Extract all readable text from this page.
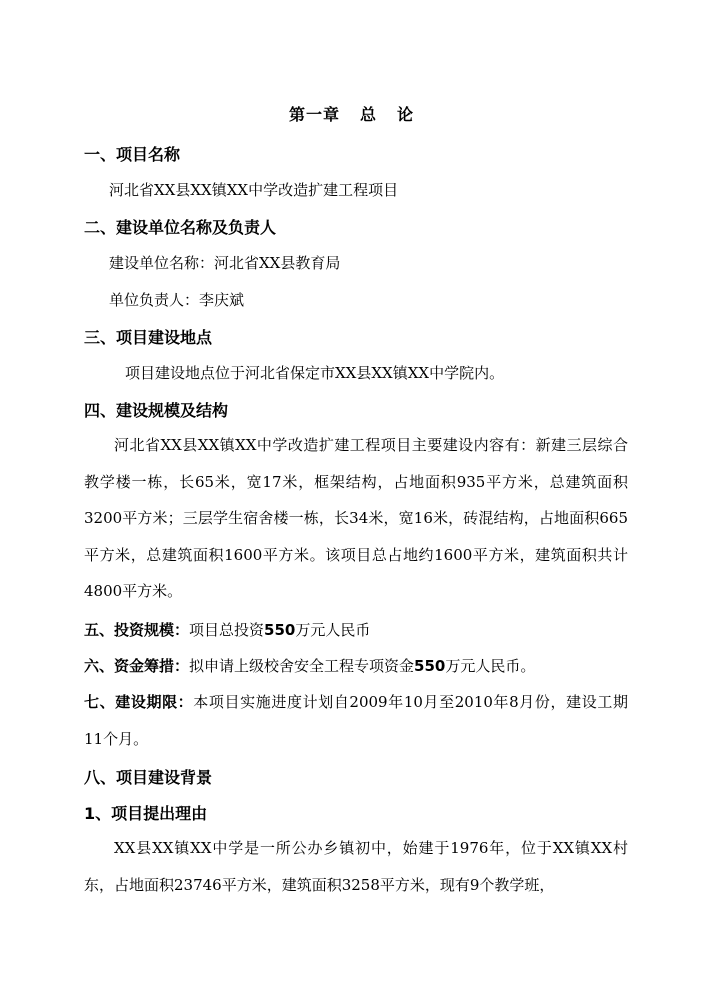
第一章 总 论
一、项目名称
河北省XX县XX镇XX中学改造扩建工程项目
二、建设单位名称及负责人
建设单位名称：河北省XX县教育局
单位负责人：李庆斌
三、项目建设地点
项目建设地点位于河北省保定市XX县XX镇XX中学院内。
四、建设规模及结构
河北省XX县XX镇XX中学改造扩建工程项目主要建设内容有：新建三层综合教学楼一栋，长65米，宽17米，框架结构，占地面积935平方米，总建筑面积3200平方米；三层学生宿舍楼一栋，长34米，宽16米，砖混结构，占地面积665平方米，总建筑面积1600平方米。该项目总占地约1600平方米，建筑面积共计4800平方米。
五、投资规模：项目总投资550万元人民币
六、资金筹措：拟申请上级校舍安全工程专项资金550万元人民币。
七、建设期限：本项目实施进度计划自2009年10月至2010年8月份，建设工期11个月。
八、项目建设背景
1、项目提出理由
XX县XX镇XX中学是一所公办乡镇初中，始建于1976年，位于XX镇XX村东，占地面积23746平方米，建筑面积3258平方米，现有9个教学班，
